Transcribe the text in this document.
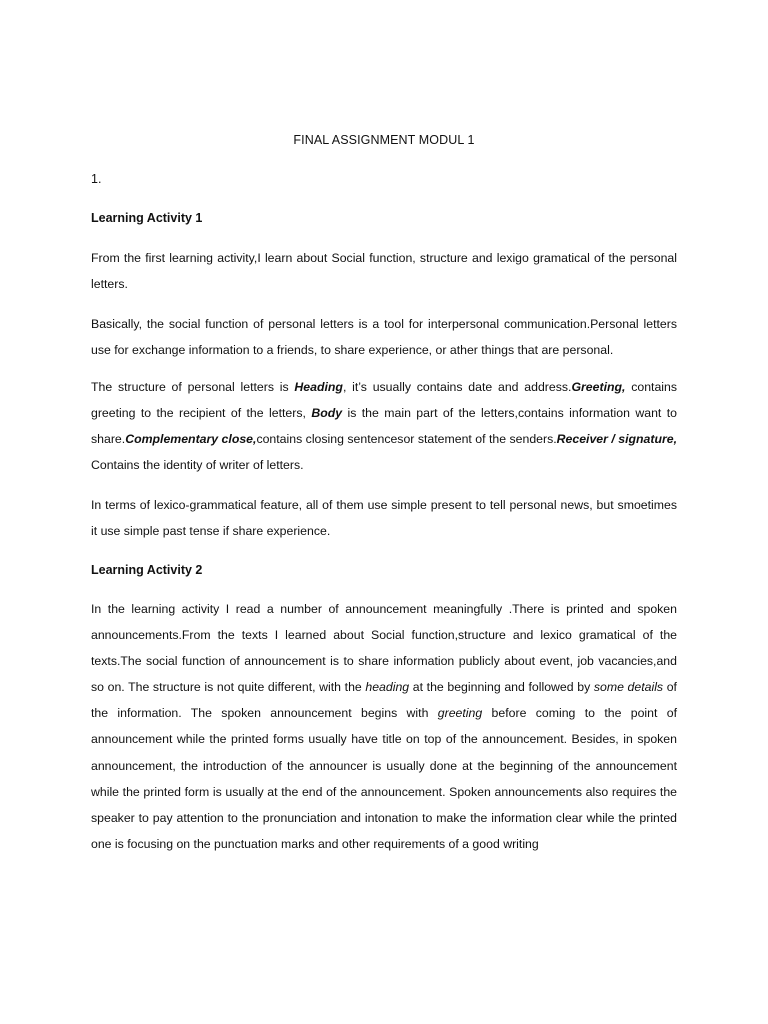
FINAL ASSIGNMENT MODUL 1
1.
Learning Activity 1
From the first learning activity,I learn about Social function, structure and lexigo gramatical of the personal letters.
Basically, the social function of personal letters is a tool for interpersonal communication.Personal letters use for exchange information to a friends, to share experience, or ather things that are personal.
The structure of personal letters is Heading, it’s usually contains date and address.Greeting, contains greeting to the recipient of the letters, Body is the main part of the letters,contains information want to share.Complementary close,contains closing sentencesor statement of the senders.Receiver / signature, Contains the identity of writer of letters.
In terms of lexico-grammatical feature, all of them use simple present to tell personal news, but smoetimes it use simple past tense if share experience.
Learning Activity 2
In the learning activity I read a number of announcement meaningfully .There is printed and spoken announcements.From the texts I learned about Social function,structure and lexico gramatical of the texts.The social function of announcement is to share information publicly about event, job vacancies,and so on. The structure is not quite different, with the heading at the beginning and followed by some details of the information. The spoken announcement begins with greeting before coming to the point of announcement while the printed forms usually have title on top of the announcement. Besides, in spoken announcement, the introduction of the announcer is usually done at the beginning of the announcement while the printed form is usually at the end of the announcement. Spoken announcements also requires the speaker to pay attention to the pronunciation and intonation to make the information clear while the printed one is focusing on the punctuation marks and other requirements of a good writing
